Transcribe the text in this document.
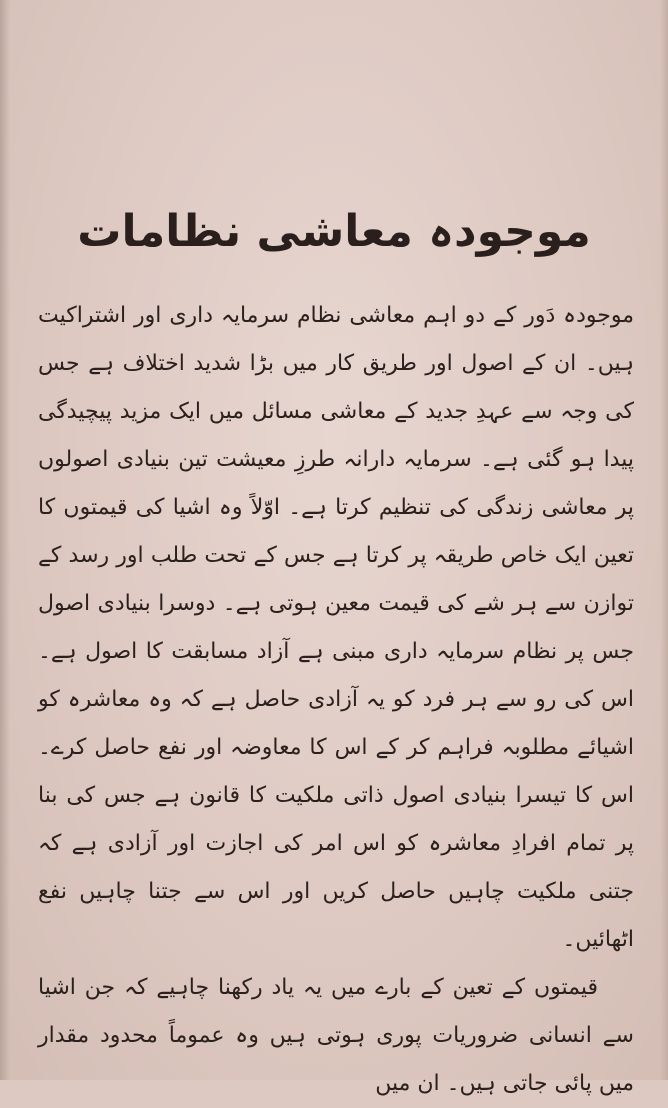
موجودہ معاشی نظامات

موجودہ دَور کے دو اہم معاشی نظام سرمایہ داری اور اشتراکیت ہیں۔ ان کے اصول اور طریق کار میں بڑا شدید اختلاف ہے جس کی وجہ سے عہدِ جدید کے معاشی مسائل میں ایک مزید پیچیدگی پیدا ہو گئی ہے۔ سرمایہ دارانہ طرزِ معیشت تین بنیادی اصولوں پر معاشی زندگی کی تنظیم کرتا ہے۔ اوّلاً وہ اشیا کی قیمتوں کا تعین ایک خاص طریقہ پر کرتا ہے جس کے تحت طلب اور رسد کے توازن سے ہر شے کی قیمت معین ہوتی ہے۔ دوسرا بنیادی اصول جس پر نظام سرمایہ داری مبنی ہے آزاد مسابقت کا اصول ہے۔ اس کی رو سے ہر فرد کو یہ آزادی حاصل ہے کہ وہ معاشرہ کو اشیائے مطلوبہ فراہم کر کے اس کا معاوضہ اور نفع حاصل کرے۔ اس کا تیسرا بنیادی اصول ذاتی ملکیت کا قانون ہے جس کی بنا پر تمام افرادِ معاشرہ کو اس امر کی اجازت اور آزادی ہے کہ جتنی ملکیت چاہیں حاصل کریں اور اس سے جتنا چاہیں نفع اٹھائیں۔

قیمتوں کے تعین کے بارے میں یہ یاد رکھنا چاہیے کہ جن اشیا سے انسانی ضروریات پوری ہوتی ہیں وہ عموماً محدود مقدار میں پائی جاتی ہیں۔ ان میں
